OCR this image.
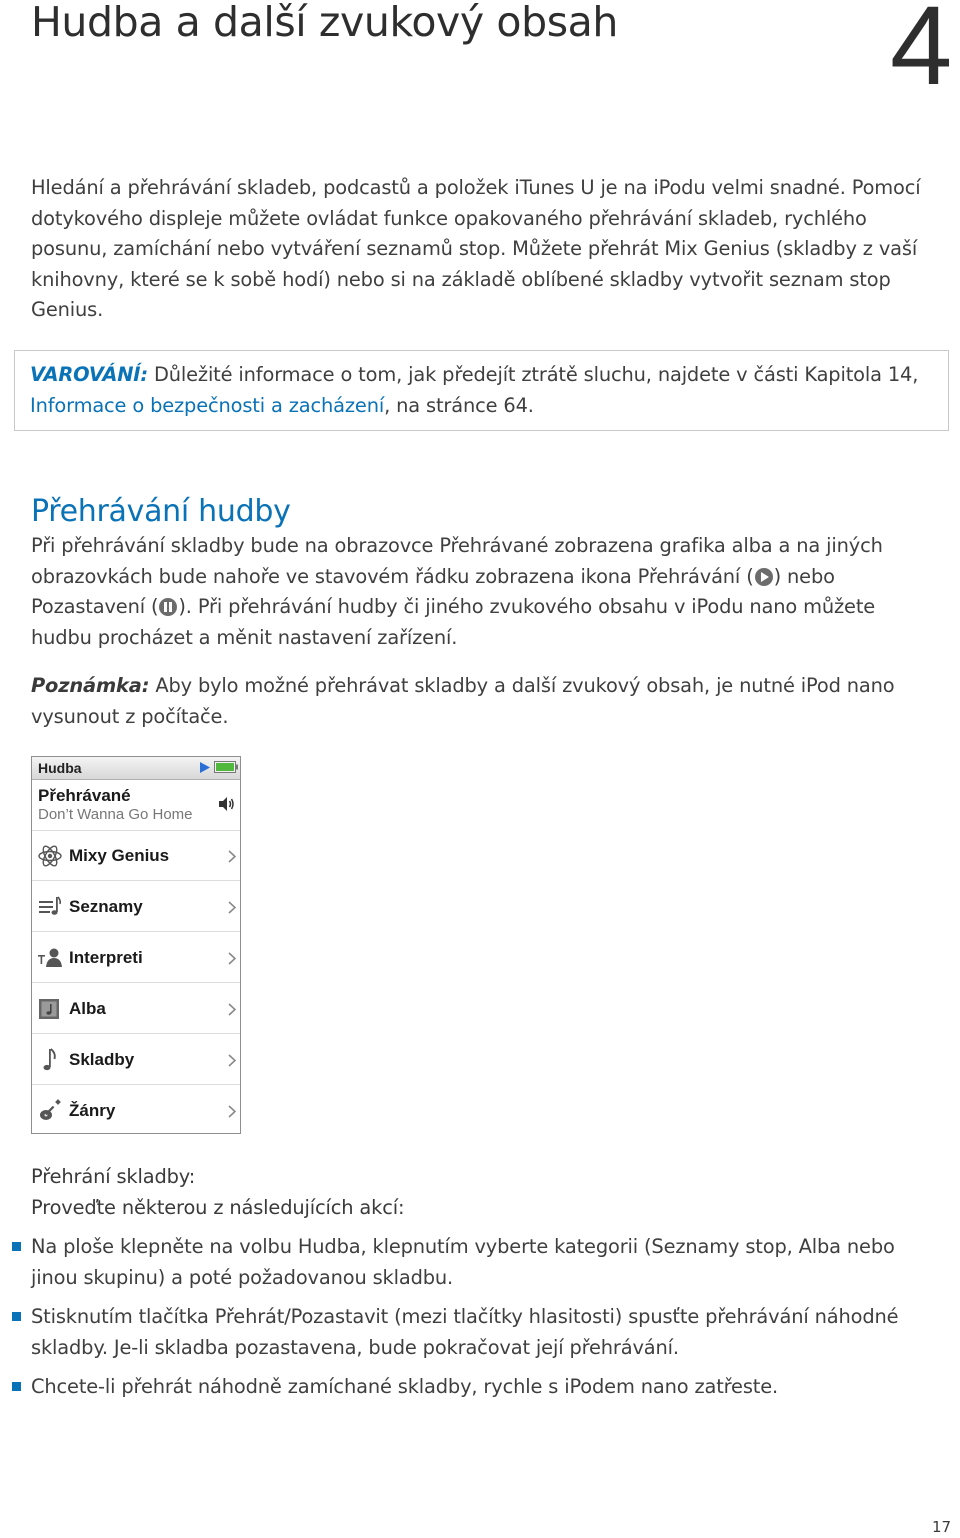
Hudba a další zvukový obsah 4

Hledání a přehrávání skladeb, podcastů a položek iTunes U je na iPodu velmi snadné. Pomocí dotykového displeje můžete ovládat funkce opakovaného přehrávání skladeb, rychlého posunu, zamíchání nebo vytváření seznamů stop. Můžete přehrát Mix Genius (skladby z vaší knihovny, které se k sobě hodí) nebo si na základě oblíbené skladby vytvořit seznam stop Genius.

VAROVÁNÍ: Důležité informace o tom, jak předejít ztrátě sluchu, najdete v části Kapitola 14, Informace o bezpečnosti a zacházení, na stránce 64.
Přehrávání hudby

Při přehrávání skladby bude na obrazovce Přehrávané zobrazena grafika alba a na jiných obrazovkách bude nahoře ve stavovém řádku zobrazena ikona Přehrávání ( ) nebo Pozastavení ( ). Při přehrávání hudby či jiného zvukového obsahu v iPodu nano můžete hudbu procházet a měnit nastavení zařízení.

Poznámka: Aby bylo možné přehrávat skladby a další zvukový obsah, je nutné iPod nano vysunout z počítače.

Hudba
Přehrávané
Don’t Wanna Go Home
Mixy Genius
Seznamy
Interpreti
Alba
Skladby
Žánry
Přehrání skladby:
Proveďte některou z následujících akcí:
Na ploše klepněte na volbu Hudba, klepnutím vyberte kategorii (Seznamy stop, Alba nebo jinou skupinu) a poté požadovanou skladbu.
Stisknutím tlačítka Přehrát/Pozastavit (mezi tlačítky hlasitosti) spusťte přehrávání náhodné skladby. Je-li skladba pozastavena, bude pokračovat její přehrávání.
Chcete-li přehrát náhodně zamíchané skladby, rychle s iPodem nano zatřeste.
17
